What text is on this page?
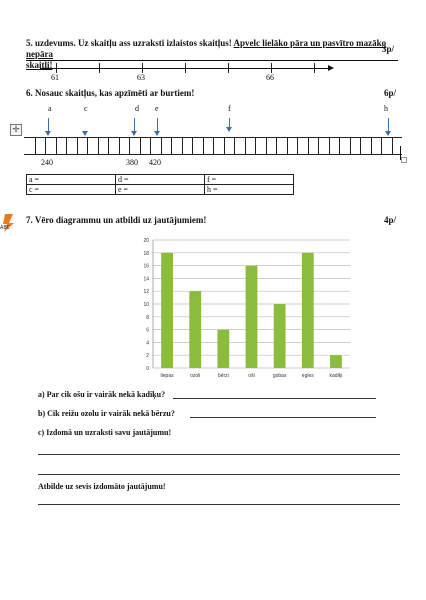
5. uzdevums. Uz skaitļu ass uzraksti izlaistos skaitļus! Apvelc lielāko pāra un pasvītro mazāko nepāra
skaitli!
3p/
61	63	66
6. Nosauc skaitļus, kas apzīmēti ar burtiem!	6p/
a	c	d e	f	h
✛
240	380 420
a =	d =	f =
c =	e =	h =
ABC
7. Vēro diagrammu un atbildi uz jautājumiem!	4p/
0
2
4
6
8
10
12
14
16
18
20
liepas	ozoli	bērzi	oši	gobas	egles	kadiķi
a) Par cik ošu ir vairāk nekā kadiķu?
b) Cik reižu ozolu ir vairāk nekā bērzu?
c) Izdomā un uzraksti savu jautājumu!
Atbilde uz sevis izdomāto jautājumu!
